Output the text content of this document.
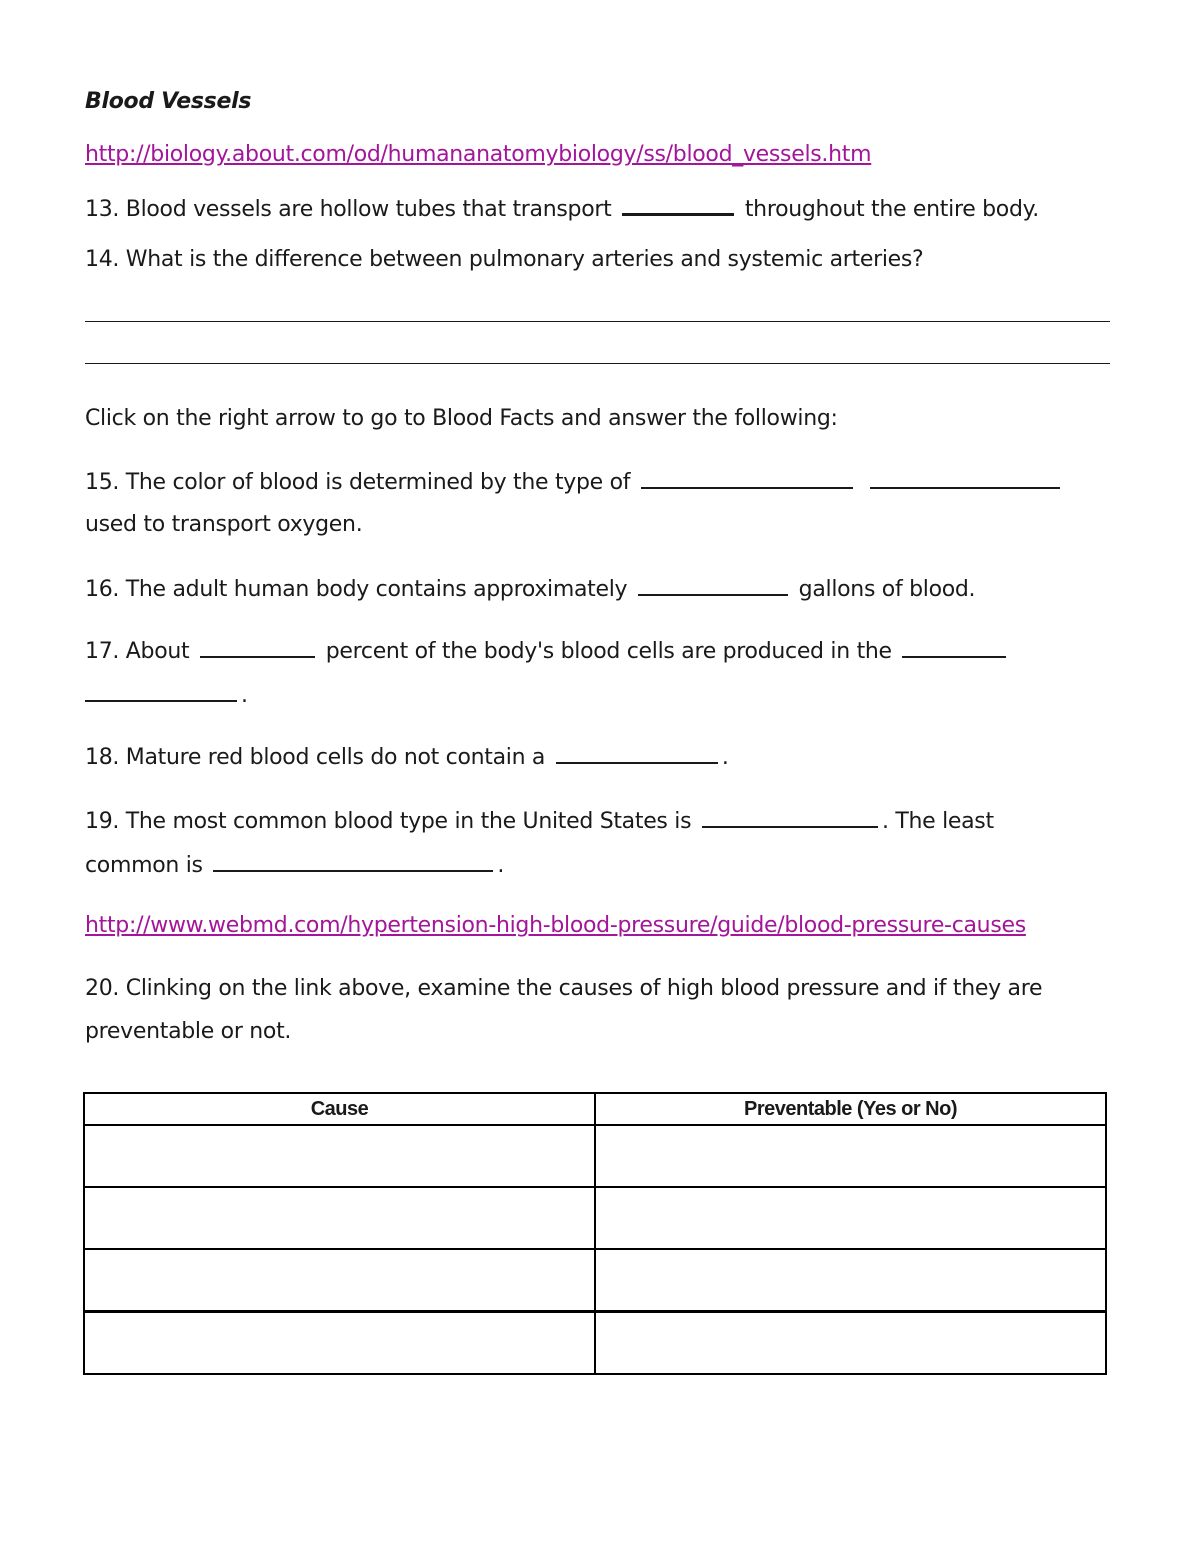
Blood Vessels
http://biology.about.com/od/humananatomybiology/ss/blood_vessels.htm
13. Blood vessels are hollow tubes that transport	throughout the entire body.
14. What is the difference between pulmonary arteries and systemic arteries?
Click on the right arrow to go to Blood Facts and answer the following:
15. The color of blood is determined by the type of
used to transport oxygen.
16. The adult human body contains approximately	gallons of blood.
17. About	percent of the body's blood cells are produced in the
.
18. Mature red blood cells do not contain a	.
19. The most common blood type in the United States is	. The least
common is	.
http://www.webmd.com/hypertension-high-blood-pressure/guide/blood-pressure-causes
20. Clinking on the link above, examine the causes of high blood pressure and if they are
preventable or not.
Cause	Preventable (Yes or No)
